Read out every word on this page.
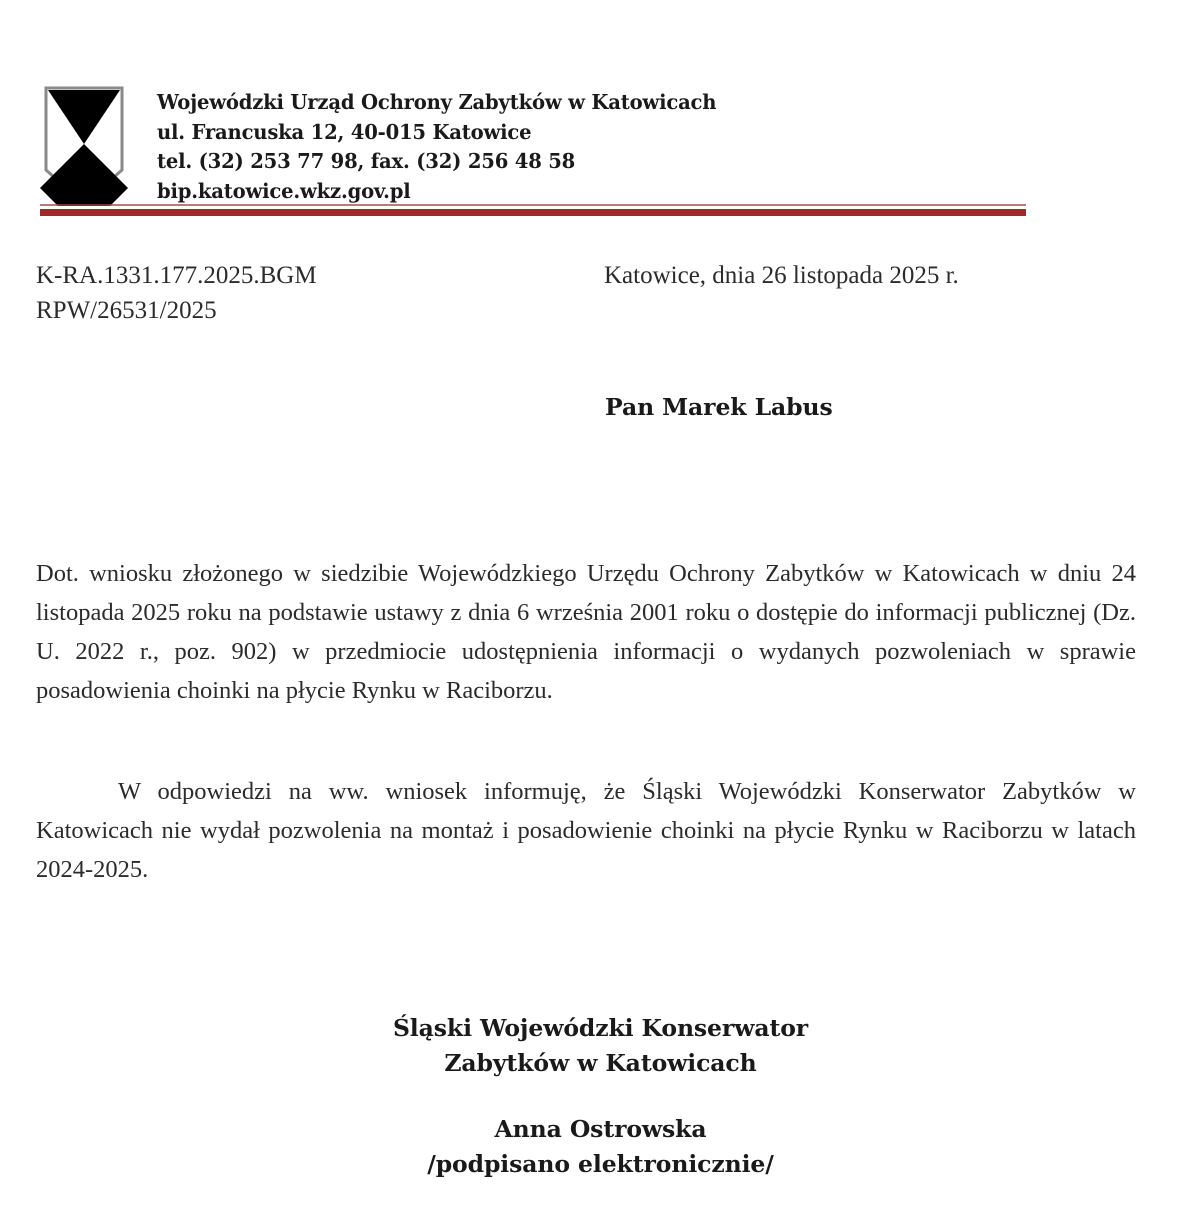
Wojewódzki Urząd Ochrony Zabytków w Katowicach
ul. Francuska 12, 40-015 Katowice
tel. (32) 253 77 98, fax. (32) 256 48 58
bip.katowice.wkz.gov.pl
K-RA.1331.177.2025.BGM
RPW/26531/2025
Katowice, dnia 26 listopada 2025 r.
Pan Marek Labus

Dot. wniosku złożonego w siedzibie Wojewódzkiego Urzędu Ochrony Zabytków w Katowicach w dniu 24 listopada 2025 roku na podstawie ustawy z dnia 6 września 2001 roku o dostępie do informacji publicznej (Dz. U. 2022 r., poz. 902) w przedmiocie udostępnienia informacji o wydanych pozwoleniach w sprawie posadowienia choinki na płycie Rynku w Raciborzu.

W odpowiedzi na ww. wniosek informuję, że Śląski Wojewódzki Konserwator Zabytków w Katowicach nie wydał pozwolenia na montaż i posadowienie choinki na płycie Rynku w Raciborzu w latach 2024-2025.

Śląski Wojewódzki Konserwator
Zabytków w Katowicach
Anna Ostrowska
/podpisano elektronicznie/
